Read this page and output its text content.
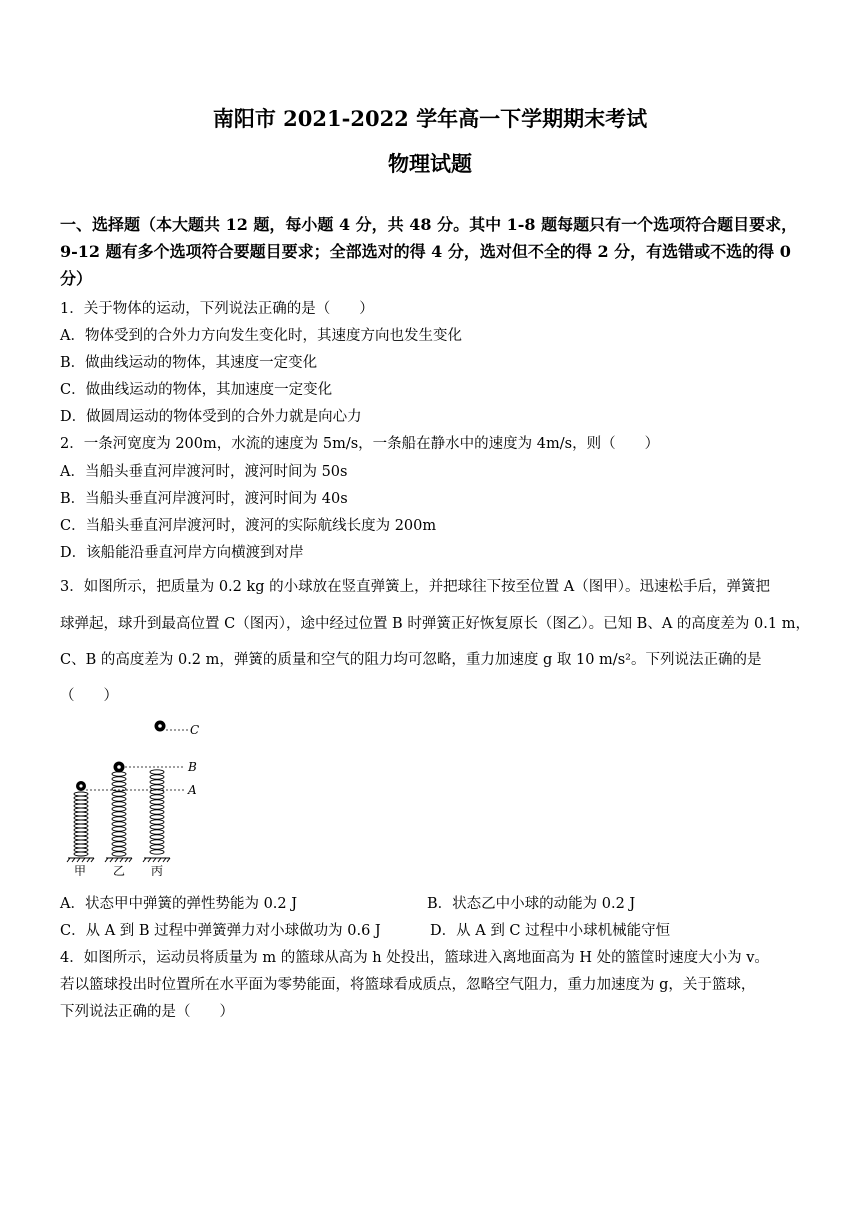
南阳市 2021-2022 学年高一下学期期末考试
物理试题
一、选择题（本大题共 12 题，每小题 4 分，共 48 分。其中 1-8 题每题只有一个选项符合题目要求，9-12 题有多个选项符合要题目要求；全部选对的得 4 分，选对但不全的得 2 分，有选错或不选的得 0 分）
1．关于物体的运动，下列说法正确的是（　　）
A．物体受到的合外力方向发生变化时，其速度方向也发生变化
B．做曲线运动的物体，其速度一定变化
C．做曲线运动的物体，其加速度一定变化
D．做圆周运动的物体受到的合外力就是向心力
2．一条河宽度为 200m，水流的速度为 5m/s，一条船在静水中的速度为 4m/s，则（　　）
A．当船头垂直河岸渡河时，渡河时间为 50s
B．当船头垂直河岸渡河时，渡河时间为 40s
C．当船头垂直河岸渡河时，渡河的实际航线长度为 200m
D．该船能沿垂直河岸方向横渡到对岸
3．如图所示，把质量为 0.2 kg 的小球放在竖直弹簧上，并把球往下按至位置 A（图甲）。迅速松手后，弹簧把
球弹起，球升到最高位置 C（图丙），途中经过位置 B 时弹簧正好恢复原长（图乙）。已知 B、A 的高度差为 0.1 m，
C、B 的高度差为 0.2 m，弹簧的质量和空气的阻力均可忽略，重力加速度 g 取 10 m/s²。下列说法正确的是
（　　）
C
B
A
甲 乙 丙
A．状态甲中弹簧的弹性势能为 0.2 J	B．状态乙中小球的动能为 0.2 J
C．从 A 到 B 过程中弹簧弹力对小球做功为 0.6 J	D．从 A 到 C 过程中小球机械能守恒
4．如图所示，运动员将质量为 m 的篮球从高为 h 处投出，篮球进入离地面高为 H 处的篮筐时速度大小为 v。
若以篮球投出时位置所在水平面为零势能面，将篮球看成质点，忽略空气阻力，重力加速度为 g，关于篮球，
下列说法正确的是（　　）
